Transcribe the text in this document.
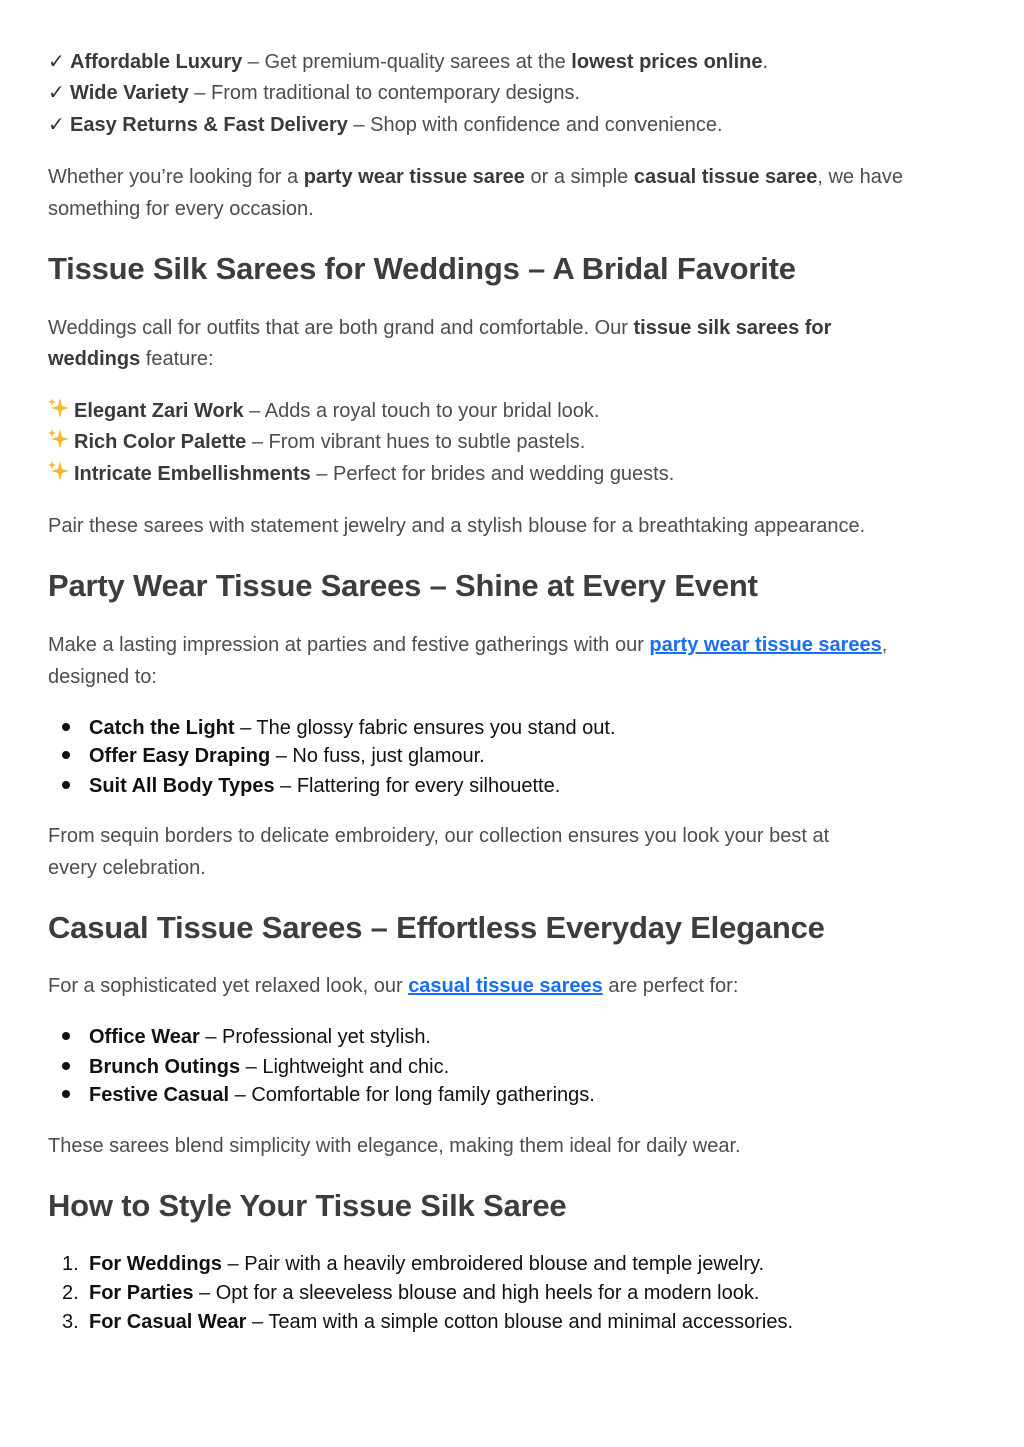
✓ Affordable Luxury – Get premium-quality sarees at the lowest prices online.
✓ Wide Variety – From traditional to contemporary designs.
✓ Easy Returns & Fast Delivery – Shop with confidence and convenience.
Whether you’re looking for a party wear tissue saree or a simple casual tissue saree, we have
something for every occasion.
Tissue Silk Sarees for Weddings – A Bridal Favorite
Weddings call for outfits that are both grand and comfortable. Our tissue silk sarees for
weddings feature:
Elegant Zari Work – Adds a royal touch to your bridal look.
Rich Color Palette – From vibrant hues to subtle pastels.
Intricate Embellishments – Perfect for brides and wedding guests.
Pair these sarees with statement jewelry and a stylish blouse for a breathtaking appearance.
Party Wear Tissue Sarees – Shine at Every Event
Make a lasting impression at parties and festive gatherings with our party wear tissue sarees,
designed to:
Catch the Light – The glossy fabric ensures you stand out.
Offer Easy Draping – No fuss, just glamour.
Suit All Body Types – Flattering for every silhouette.
From sequin borders to delicate embroidery, our collection ensures you look your best at
every celebration.
Casual Tissue Sarees – Effortless Everyday Elegance
For a sophisticated yet relaxed look, our casual tissue sarees are perfect for:
Office Wear – Professional yet stylish.
Brunch Outings – Lightweight and chic.
Festive Casual – Comfortable for long family gatherings.
These sarees blend simplicity with elegance, making them ideal for daily wear.
How to Style Your Tissue Silk Saree
1. For Weddings – Pair with a heavily embroidered blouse and temple jewelry.
2. For Parties – Opt for a sleeveless blouse and high heels for a modern look.
3. For Casual Wear – Team with a simple cotton blouse and minimal accessories.
